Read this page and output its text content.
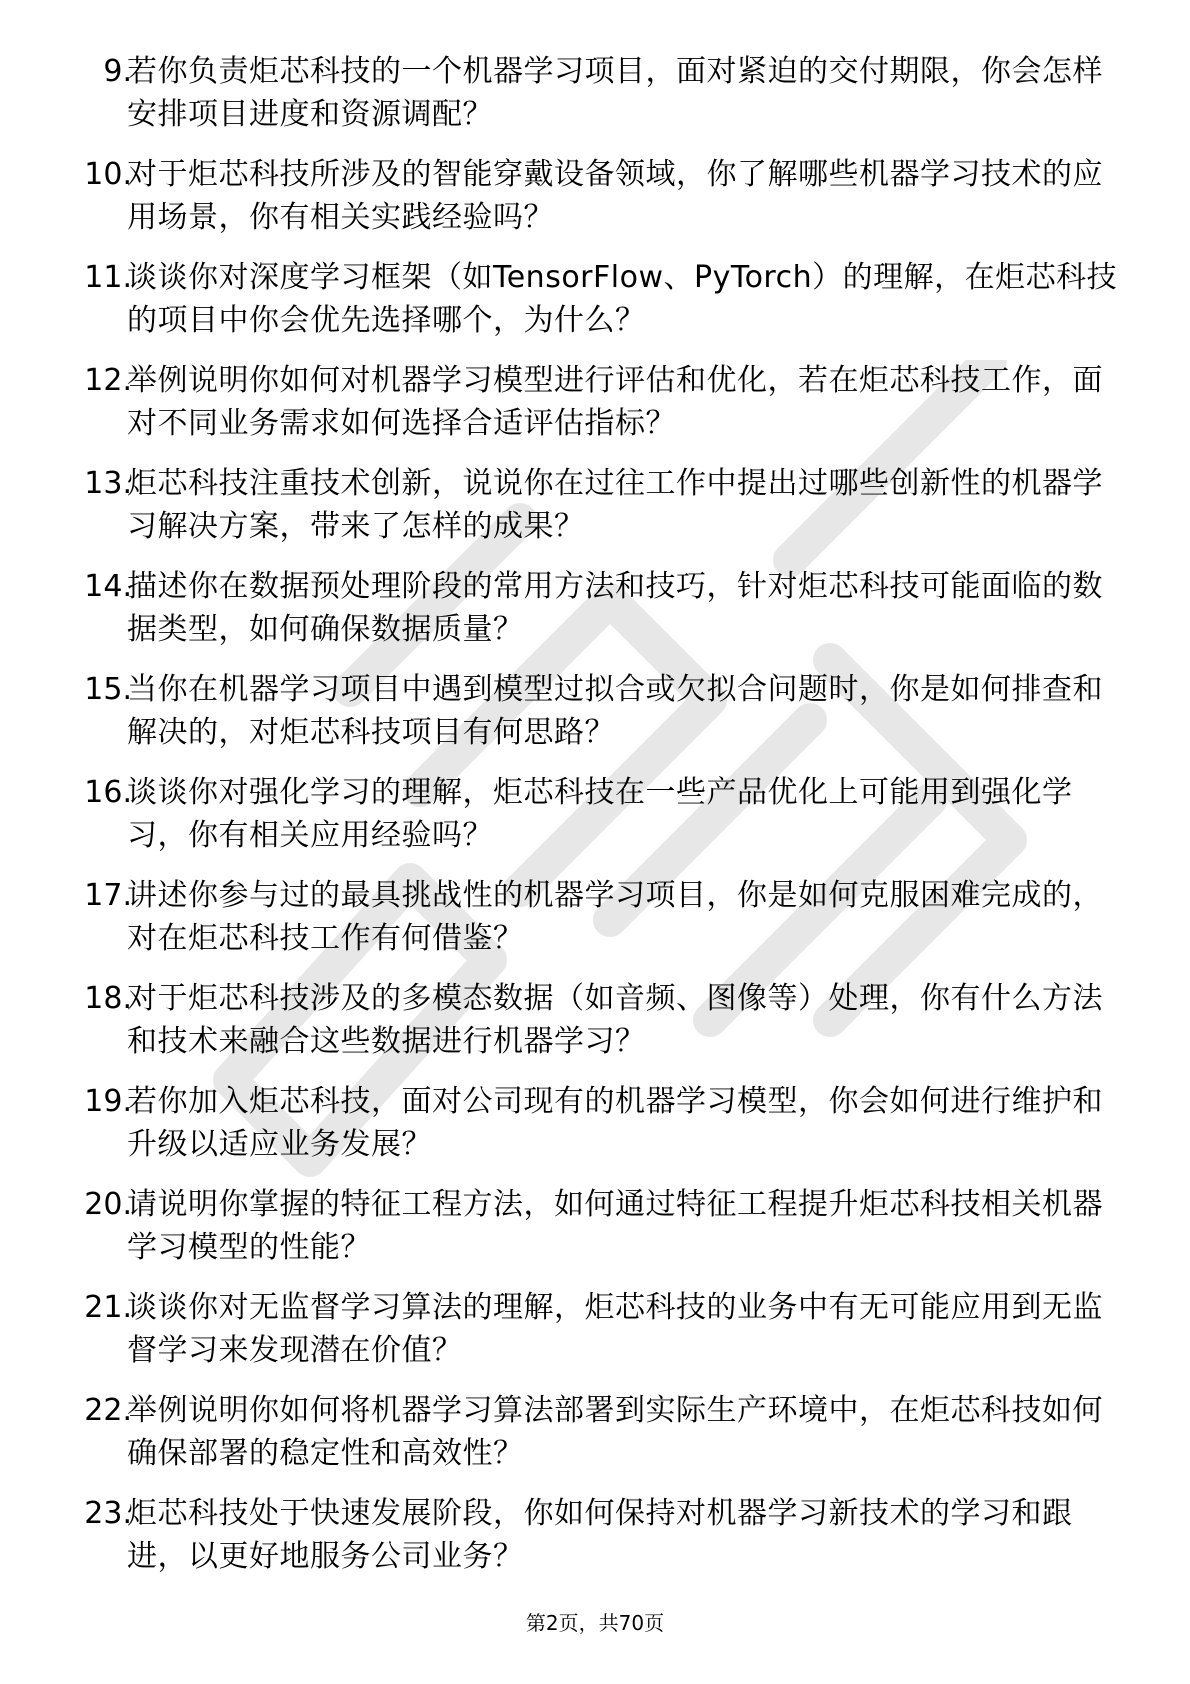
9.
若你负责炬芯科技的一个机器学习项目，面对紧迫的交付期限，你会怎样安排项目进度和资源调配？
10.
对于炬芯科技所涉及的智能穿戴设备领域，你了解哪些机器学习技术的应用场景，你有相关实践经验吗？
11.
谈谈你对深度学习框架（如TensorFlow、PyTorch）的理解，在炬芯科技的项目中你会优先选择哪个，为什么？
12.
举例说明你如何对机器学习模型进行评估和优化，若在炬芯科技工作，面对不同业务需求如何选择合适评估指标？
13.
炬芯科技注重技术创新，说说你在过往工作中提出过哪些创新性的机器学习解决方案，带来了怎样的成果？
14.
描述你在数据预处理阶段的常用方法和技巧，针对炬芯科技可能面临的数据类型，如何确保数据质量？
15.
当你在机器学习项目中遇到模型过拟合或欠拟合问题时，你是如何排查和解决的，对炬芯科技项目有何思路？
16.
谈谈你对强化学习的理解，炬芯科技在一些产品优化上可能用到强化学习，你有相关应用经验吗？
17.
讲述你参与过的最具挑战性的机器学习项目，你是如何克服困难完成的，对在炬芯科技工作有何借鉴？
18.
对于炬芯科技涉及的多模态数据（如音频、图像等）处理，你有什么方法和技术来融合这些数据进行机器学习？
19.
若你加入炬芯科技，面对公司现有的机器学习模型，你会如何进行维护和升级以适应业务发展？
20.
请说明你掌握的特征工程方法，如何通过特征工程提升炬芯科技相关机器学习模型的性能？
21.
谈谈你对无监督学习算法的理解，炬芯科技的业务中有无可能应用到无监督学习来发现潜在价值？
22.
举例说明你如何将机器学习算法部署到实际生产环境中，在炬芯科技如何确保部署的稳定性和高效性？
23.
炬芯科技处于快速发展阶段，你如何保持对机器学习新技术的学习和跟进，以更好地服务公司业务？
第2页，共70页
